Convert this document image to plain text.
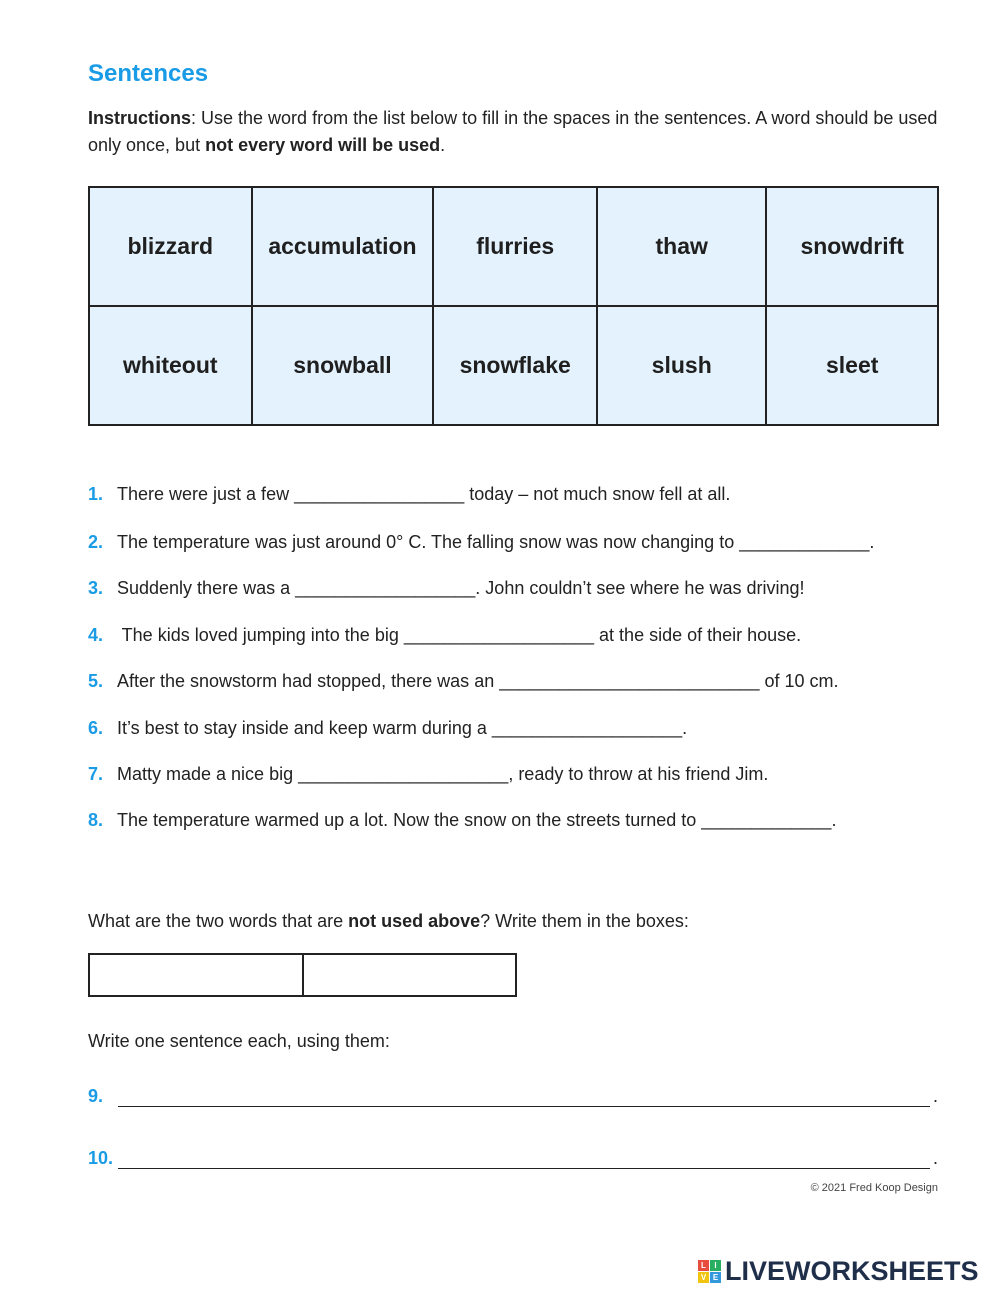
Sentences

Instructions: Use the word from the list below to fill in the spaces in the sentences. A word should be used only once, but not every word will be used.

blizzard	accumulation	flurries	thaw	snowdrift
whiteout	snowball	snowflake	slush	sleet
1. There were just a few _________________ today – not much snow fell at all.
2. The temperature was just around 0° C. The falling snow was now changing to _____________.
3. Suddenly there was a __________________. John couldn’t see where he was driving!
4. The kids loved jumping into the big ___________________ at the side of their house.
5. After the snowstorm had stopped, there was an __________________________ of 10 cm.
6. It’s best to stay inside and keep warm during a ___________________.
7. Matty made a nice big _____________________, ready to throw at his friend Jim.
8. The temperature warmed up a lot. Now the snow on the streets turned to _____________.

What are the two words that are not used above? Write them in the boxes:

Write one sentence each, using them:

9.	.
10.	.
© 2021 Fred Koop Design
L	I
V E LIVEWORKSHEETS
